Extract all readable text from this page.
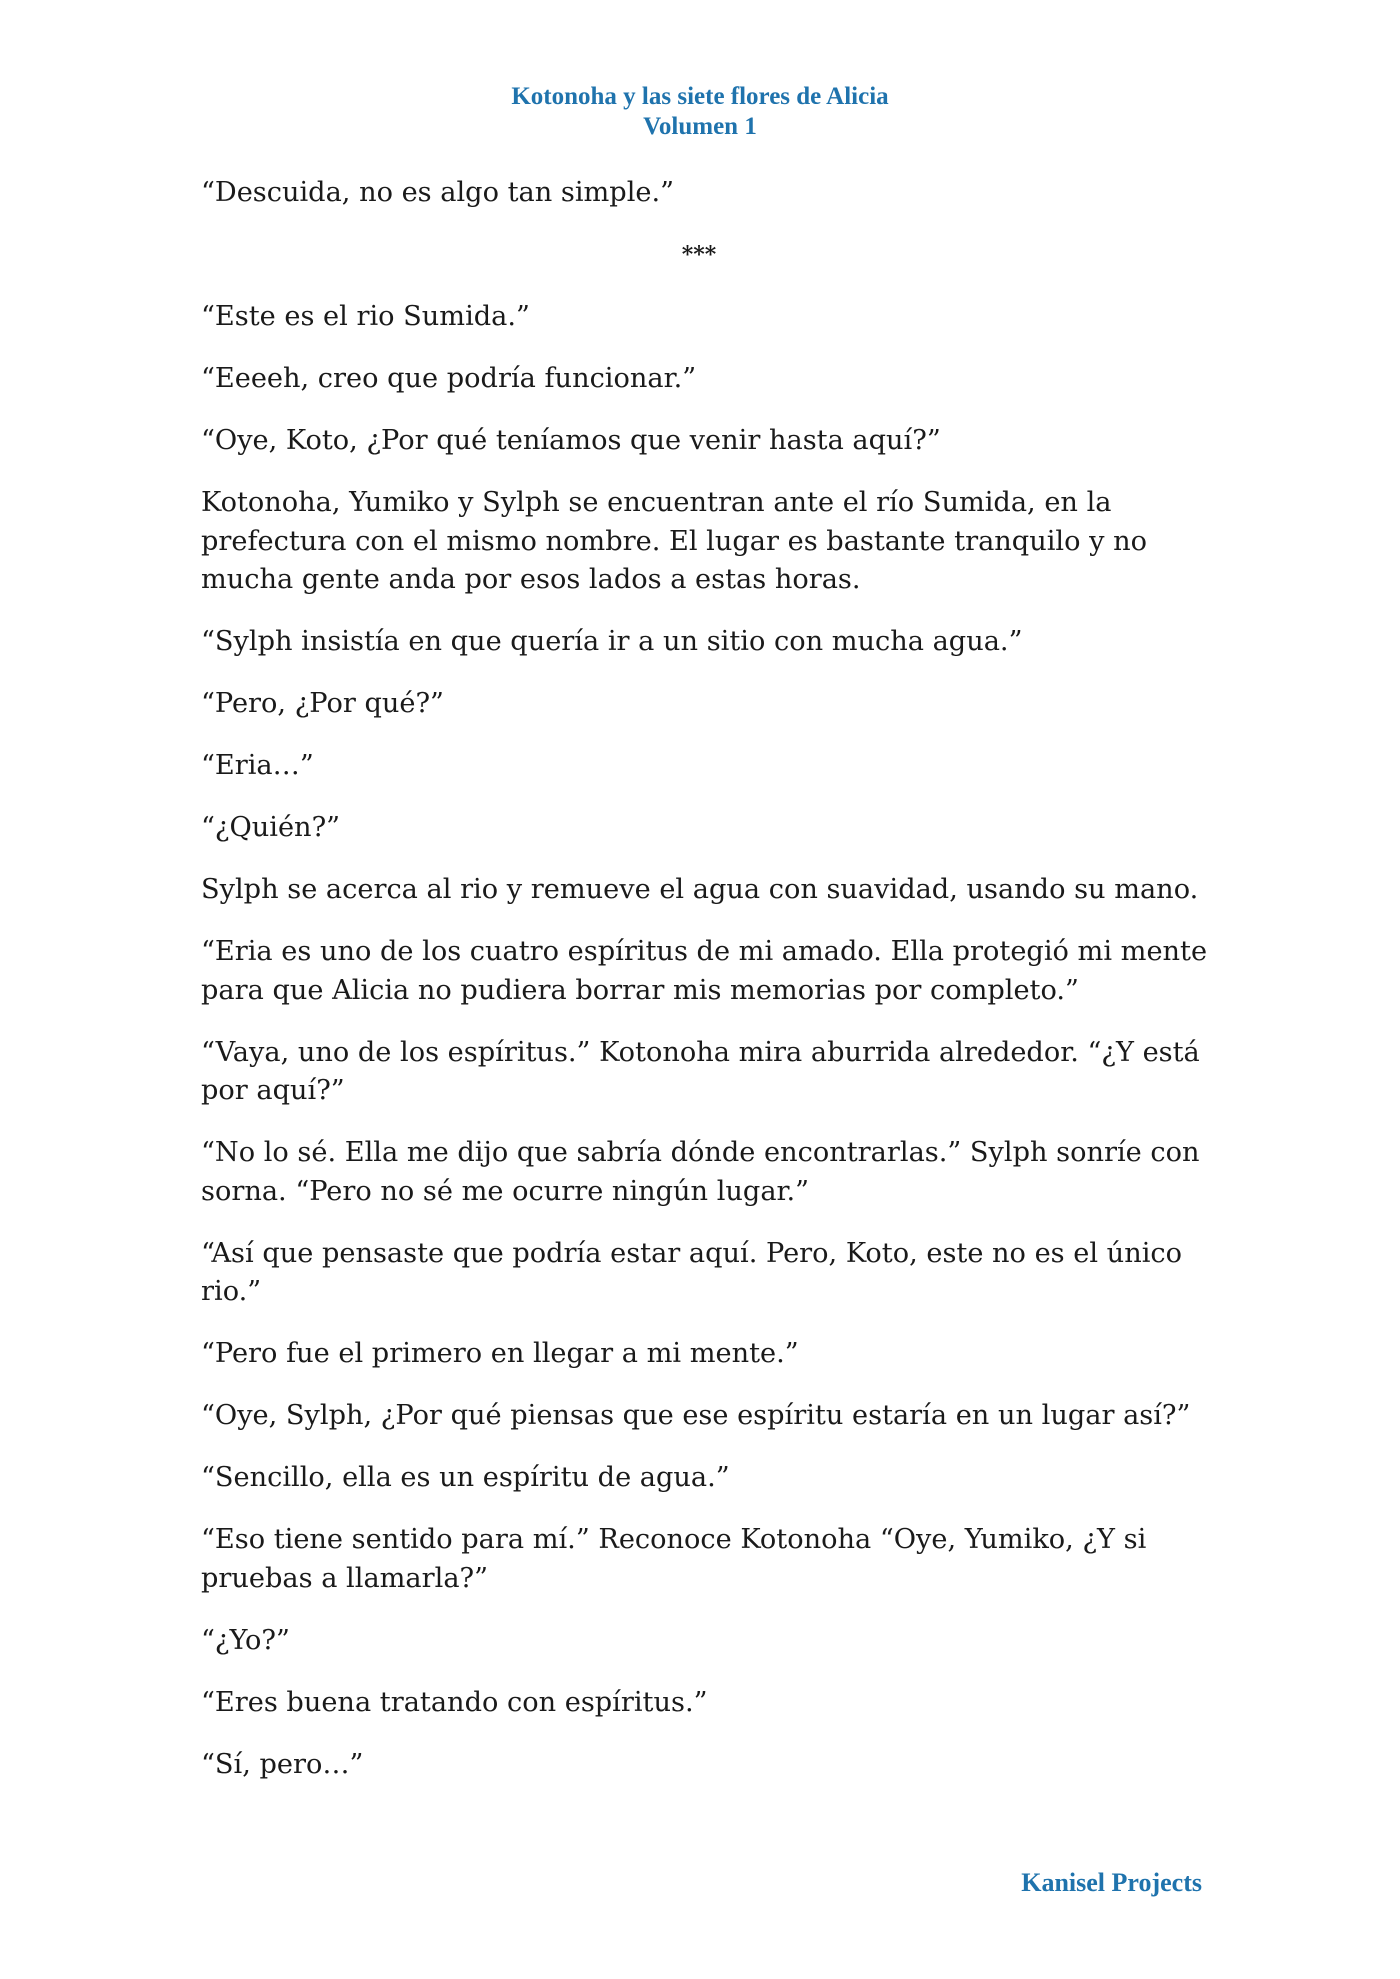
Kotonoha y las siete flores de Alicia
Volumen 1

“Descuida, no es algo tan simple.”

***

“Este es el rio Sumida.”

“Eeeeh, creo que podría funcionar.”

“Oye, Koto, ¿Por qué teníamos que venir hasta aquí?”

Kotonoha, Yumiko y Sylph se encuentran ante el río Sumida, en la prefectura con el mismo nombre. El lugar es bastante tranquilo y no mucha gente anda por esos lados a estas horas.

“Sylph insistía en que quería ir a un sitio con mucha agua.”

“Pero, ¿Por qué?”

“Eria…”

“¿Quién?”

Sylph se acerca al rio y remueve el agua con suavidad, usando su mano.

“Eria es uno de los cuatro espíritus de mi amado. Ella protegió mi mente para que Alicia no pudiera borrar mis memorias por completo.”

“Vaya, uno de los espíritus.” Kotonoha mira aburrida alrededor. “¿Y está por aquí?”

“No lo sé. Ella me dijo que sabría dónde encontrarlas.” Sylph sonríe con sorna. “Pero no sé me ocurre ningún lugar.”

“Así que pensaste que podría estar aquí. Pero, Koto, este no es el único rio.”

“Pero fue el primero en llegar a mi mente.”

“Oye, Sylph, ¿Por qué piensas que ese espíritu estaría en un lugar así?”

“Sencillo, ella es un espíritu de agua.”

“Eso tiene sentido para mí.” Reconoce Kotonoha “Oye, Yumiko, ¿Y si pruebas a llamarla?”

“¿Yo?”

“Eres buena tratando con espíritus.”

“Sí, pero…”

Kanisel Projects
